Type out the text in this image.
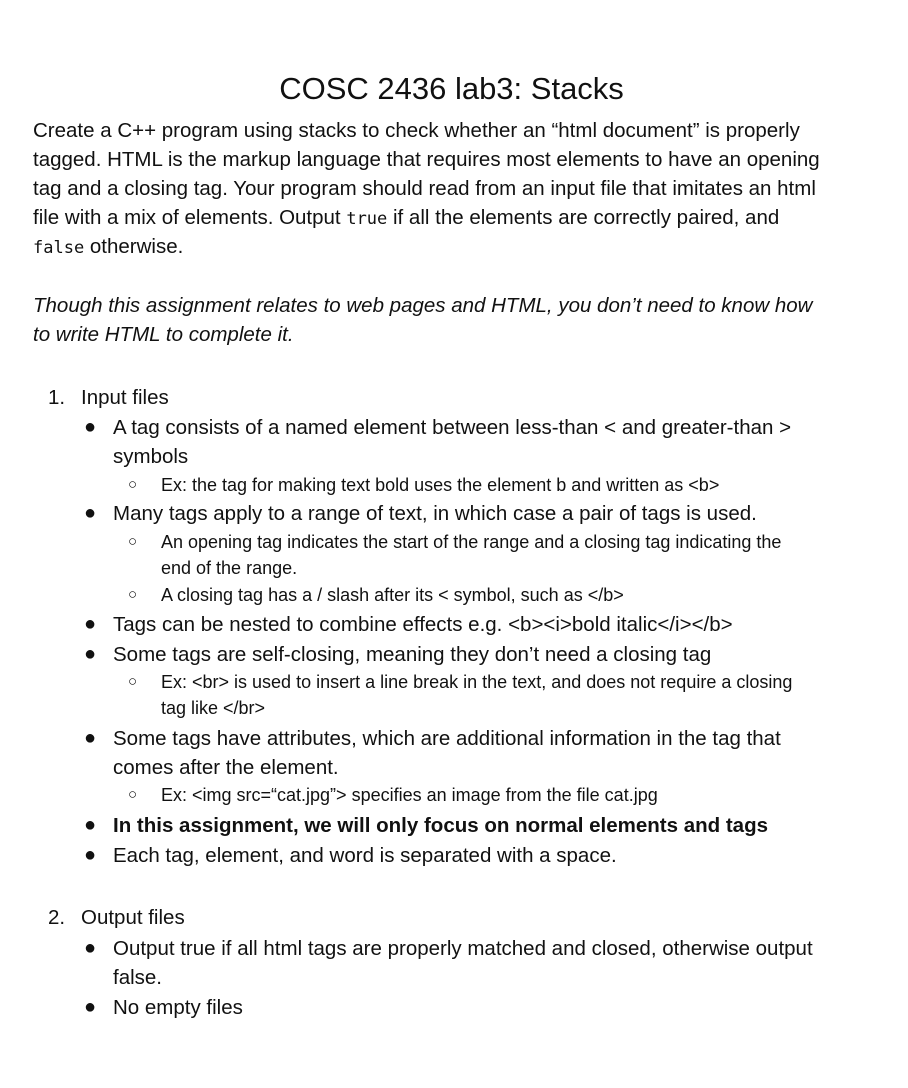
COSC 2436 lab3: Stacks
Create a C++ program using stacks to check whether an “html document” is properly
tagged. HTML is the markup language that requires most elements to have an opening
tag and a closing tag. Your program should read from an input file that imitates an html
file with a mix of elements. Output true if all the elements are correctly paired, and
false otherwise.
Though this assignment relates to web pages and HTML, you don’t need to know how
to write HTML to complete it.
1. Input files
● A tag consists of a named element between less-than < and greater-than >
symbols
○ Ex: the tag for making text bold uses the element b and written as <b>
● Many tags apply to a range of text, in which case a pair of tags is used.
○ An opening tag indicates the start of the range and a closing tag indicating the
end of the range.
○ A closing tag has a / slash after its < symbol, such as </b>
● Tags can be nested to combine effects e.g. <b><i>bold italic</i></b>
● Some tags are self-closing, meaning they don’t need a closing tag
○ Ex: <br> is used to insert a line break in the text, and does not require a closing
tag like </br>
● Some tags have attributes, which are additional information in the tag that
comes after the element.
○ Ex: <img src=“cat.jpg”> specifies an image from the file cat.jpg
● In this assignment, we will only focus on normal elements and tags
● Each tag, element, and word is separated with a space.
2. Output files
● Output true if all html tags are properly matched and closed, otherwise output
false.
● No empty files
